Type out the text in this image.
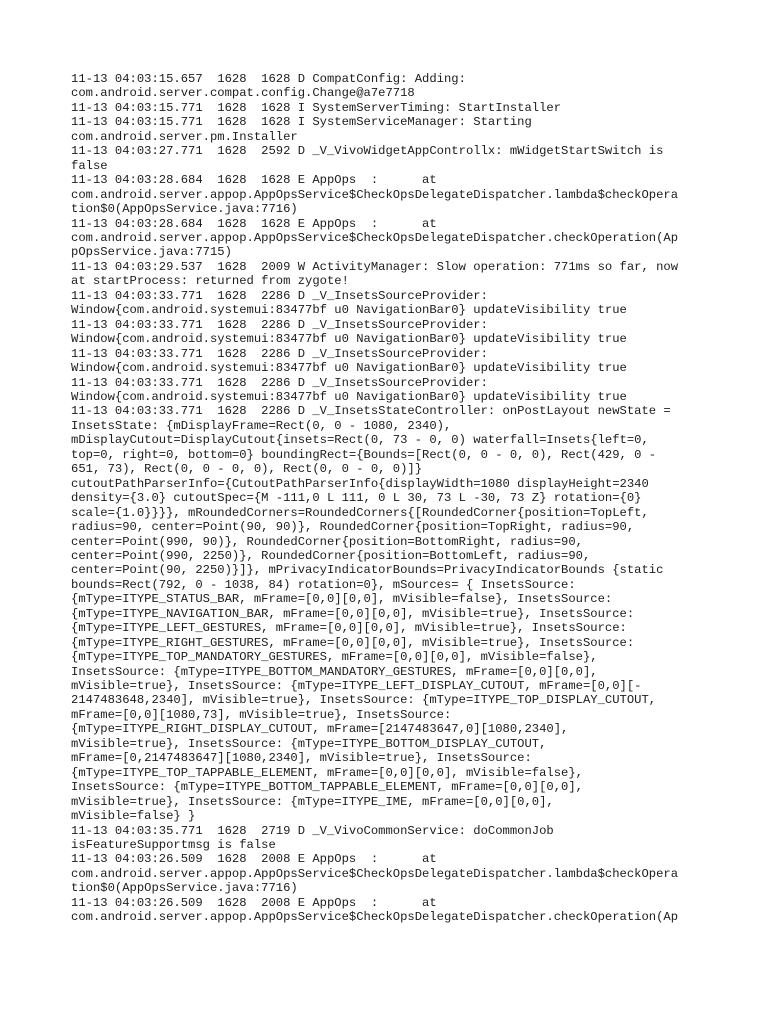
11-13 04:03:15.657  1628  1628 D CompatConfig: Adding:
com.android.server.compat.config.Change@a7e7718
11-13 04:03:15.771  1628  1628 I SystemServerTiming: StartInstaller
11-13 04:03:15.771  1628  1628 I SystemServiceManager: Starting
com.android.server.pm.Installer
11-13 04:03:27.771  1628  2592 D _V_VivoWidgetAppControllx: mWidgetStartSwitch is
false
11-13 04:03:28.684  1628  1628 E AppOps  :      at
com.android.server.appop.AppOpsService$CheckOpsDelegateDispatcher.lambda$checkOpera
tion$0(AppOpsService.java:7716)
11-13 04:03:28.684  1628  1628 E AppOps  :      at
com.android.server.appop.AppOpsService$CheckOpsDelegateDispatcher.checkOperation(Ap
pOpsService.java:7715)
11-13 04:03:29.537  1628  2009 W ActivityManager: Slow operation: 771ms so far, now
at startProcess: returned from zygote!
11-13 04:03:33.771  1628  2286 D _V_InsetsSourceProvider:
Window{com.android.systemui:83477bf u0 NavigationBar0} updateVisibility true
11-13 04:03:33.771  1628  2286 D _V_InsetsSourceProvider:
Window{com.android.systemui:83477bf u0 NavigationBar0} updateVisibility true
11-13 04:03:33.771  1628  2286 D _V_InsetsSourceProvider:
Window{com.android.systemui:83477bf u0 NavigationBar0} updateVisibility true
11-13 04:03:33.771  1628  2286 D _V_InsetsSourceProvider:
Window{com.android.systemui:83477bf u0 NavigationBar0} updateVisibility true
11-13 04:03:33.771  1628  2286 D _V_InsetsStateController: onPostLayout newState =
InsetsState: {mDisplayFrame=Rect(0, 0 - 1080, 2340),
mDisplayCutout=DisplayCutout{insets=Rect(0, 73 - 0, 0) waterfall=Insets{left=0,
top=0, right=0, bottom=0} boundingRect={Bounds=[Rect(0, 0 - 0, 0), Rect(429, 0 -
651, 73), Rect(0, 0 - 0, 0), Rect(0, 0 - 0, 0)]}
cutoutPathParserInfo={CutoutPathParserInfo{displayWidth=1080 displayHeight=2340
density={3.0} cutoutSpec={M -111,0 L 111, 0 L 30, 73 L -30, 73 Z} rotation={0}
scale={1.0}}}}, mRoundedCorners=RoundedCorners{[RoundedCorner{position=TopLeft,
radius=90, center=Point(90, 90)}, RoundedCorner{position=TopRight, radius=90,
center=Point(990, 90)}, RoundedCorner{position=BottomRight, radius=90,
center=Point(990, 2250)}, RoundedCorner{position=BottomLeft, radius=90,
center=Point(90, 2250)}]}, mPrivacyIndicatorBounds=PrivacyIndicatorBounds {static
bounds=Rect(792, 0 - 1038, 84) rotation=0}, mSources= { InsetsSource:
{mType=ITYPE_STATUS_BAR, mFrame=[0,0][0,0], mVisible=false}, InsetsSource:
{mType=ITYPE_NAVIGATION_BAR, mFrame=[0,0][0,0], mVisible=true}, InsetsSource:
{mType=ITYPE_LEFT_GESTURES, mFrame=[0,0][0,0], mVisible=true}, InsetsSource:
{mType=ITYPE_RIGHT_GESTURES, mFrame=[0,0][0,0], mVisible=true}, InsetsSource:
{mType=ITYPE_TOP_MANDATORY_GESTURES, mFrame=[0,0][0,0], mVisible=false},
InsetsSource: {mType=ITYPE_BOTTOM_MANDATORY_GESTURES, mFrame=[0,0][0,0],
mVisible=true}, InsetsSource: {mType=ITYPE_LEFT_DISPLAY_CUTOUT, mFrame=[0,0][-
2147483648,2340], mVisible=true}, InsetsSource: {mType=ITYPE_TOP_DISPLAY_CUTOUT,
mFrame=[0,0][1080,73], mVisible=true}, InsetsSource:
{mType=ITYPE_RIGHT_DISPLAY_CUTOUT, mFrame=[2147483647,0][1080,2340],
mVisible=true}, InsetsSource: {mType=ITYPE_BOTTOM_DISPLAY_CUTOUT,
mFrame=[0,2147483647][1080,2340], mVisible=true}, InsetsSource:
{mType=ITYPE_TOP_TAPPABLE_ELEMENT, mFrame=[0,0][0,0], mVisible=false},
InsetsSource: {mType=ITYPE_BOTTOM_TAPPABLE_ELEMENT, mFrame=[0,0][0,0],
mVisible=true}, InsetsSource: {mType=ITYPE_IME, mFrame=[0,0][0,0],
mVisible=false} }
11-13 04:03:35.771  1628  2719 D _V_VivoCommonService: doCommonJob
isFeatureSupportmsg is false
11-13 04:03:26.509  1628  2008 E AppOps  :      at
com.android.server.appop.AppOpsService$CheckOpsDelegateDispatcher.lambda$checkOpera
tion$0(AppOpsService.java:7716)
11-13 04:03:26.509  1628  2008 E AppOps  :      at
com.android.server.appop.AppOpsService$CheckOpsDelegateDispatcher.checkOperation(Ap
